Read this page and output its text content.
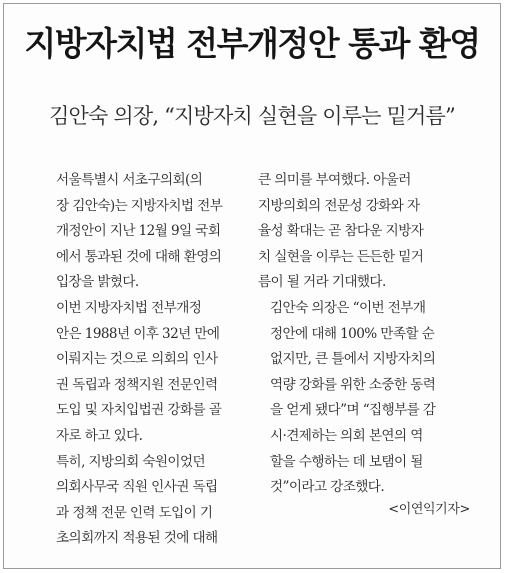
지방자치법 전부개정안 통과 환영
김안숙 의장, “지방자치 실현을 이루는 밑거름”

서울특별시 서초구의회(의
장 김안숙)는 지방자치법 전부
개정안이 지난 12월 9일 국회
에서 통과된 것에 대해 환영의
입장을 밝혔다.

이번 지방자치법 전부개정
안은 1988년 이후 32년 만에
이뤄지는 것으로 의회의 인사
권 독립과 정책지원 전문인력
도입 및 자치입법권 강화를 골
자로 하고 있다.

특히, 지방의회 숙원이었던
의회사무국 직원 인사권 독립
과 정책 전문 인력 도입이 기
초의회까지 적용된 것에 대해

큰 의미를 부여했다. 아울러
지방의회의 전문성 강화와 자
율성 확대는 곧 참다운 지방자
치 실현을 이루는 든든한 밑거
름이 될 거라 기대했다.

김안숙 의장은 “이번 전부개
정안에 대해 100% 만족할 순
없지만, 큰 틀에서 지방자치의
역량 강화를 위한 소중한 동력
을 얻게 됐다”며 “집행부를 감
시·견제하는 의회 본연의 역
할을 수행하는 데 보탬이 될
것”이라고 강조했다.

<이연익기자>
